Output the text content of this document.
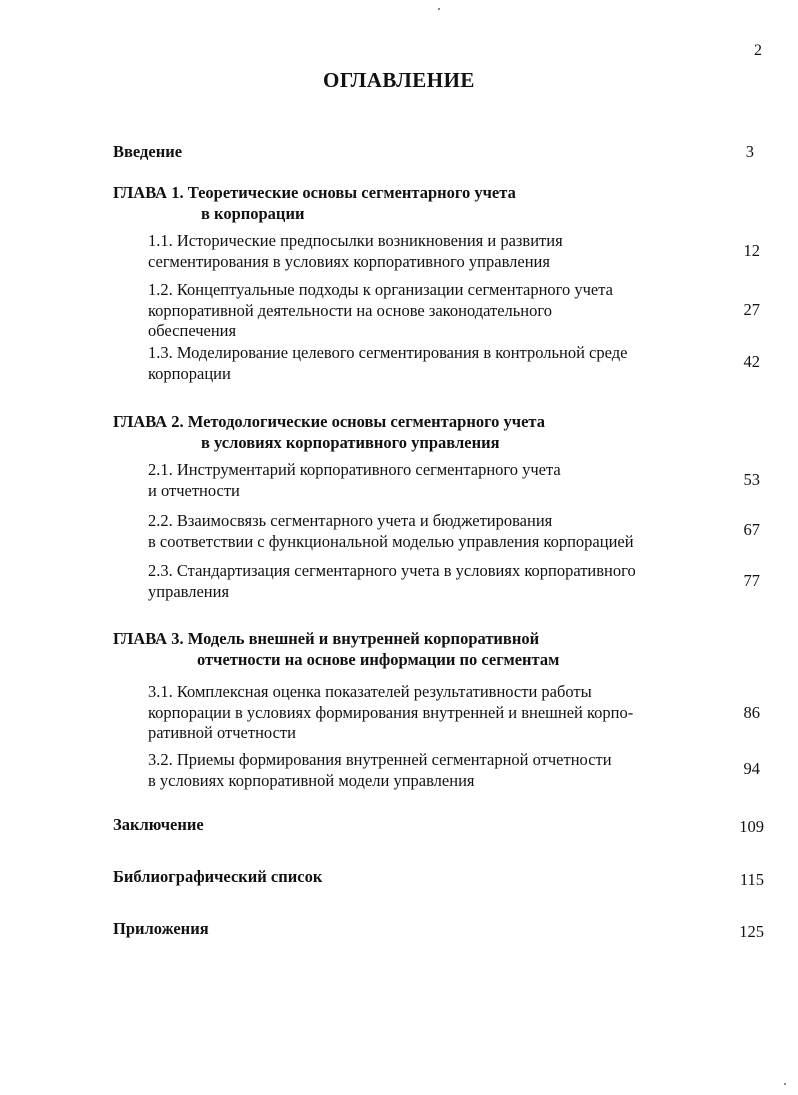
2
ОГЛАВЛЕНИЕ
Введение	3
ГЛАВА 1. Теоретические основы сегментарного учета
в корпорации
1.1. Исторические предпосылки возникновения и развития
сегментирования в условиях корпоративного управления
12
1.2. Концептуальные подходы к организации сегментарного учета
корпоративной деятельности на основе законодательного
обеспечения
27
1.3. Моделирование целевого сегментирования в контрольной среде
корпорации
42
ГЛАВА 2. Методологические основы сегментарного учета
в условиях корпоративного управления
2.1. Инструментарий корпоративного сегментарного учета
и отчетности
53
2.2. Взаимосвязь сегментарного учета и бюджетирования
в соответствии с функциональной моделью управления корпорацией
67
2.3. Стандартизация сегментарного учета в условиях корпоративного
управления
77
ГЛАВА 3. Модель внешней и внутренней корпоративной
отчетности на основе информации по сегментам
3.1. Комплексная оценка показателей результативности работы
корпорации в условиях формирования внутренней и внешней корпо-
ративной отчетности
86
3.2. Приемы формирования внутренней сегментарной отчетности
в условиях корпоративной модели управления
94
Заключение	109
Библиографический список	115
Приложения	125
